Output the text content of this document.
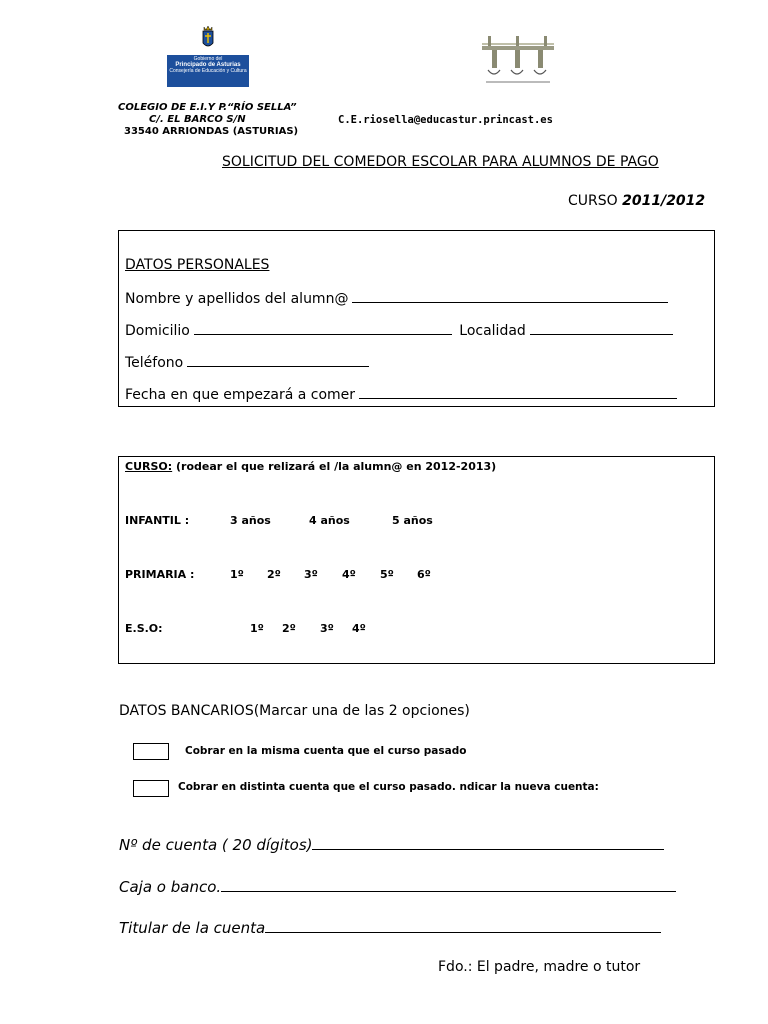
Gobierno del
Principado de Asturias
Consejería de Educación y Cultura
COLEGIO DE E.I.Y P.“RÍO SELLA”
C/. EL BARCO S/N
33540 ARRIONDAS (ASTURIAS)
C.E.riosella@educastur.princast.es
SOLICITUD DEL COMEDOR ESCOLAR PARA ALUMNOS DE PAGO
CURSO 2011/2012
DATOS PERSONALES
Nombre y apellidos del alumn@
Domicilio	Localidad
Teléfono
Fecha en que empezará a comer
CURSO: (rodear el que relizará el /la alumn@ en 2012-2013)
INFANTIL :	3 años	4 años	5 años
PRIMARIA :	1º 2º 3º 4º 5º 6º
E.S.O:	1º 2º 3º 4º
DATOS BANCARIOS(Marcar una de las 2 opciones)
Cobrar en la misma cuenta que el curso pasado
Cobrar en distinta cuenta que el curso pasado. ndicar la nueva cuenta:
Nº de cuenta ( 20 dígitos)
Caja o banco.
Titular de la cuenta
Fdo.: El padre, madre o tutor
